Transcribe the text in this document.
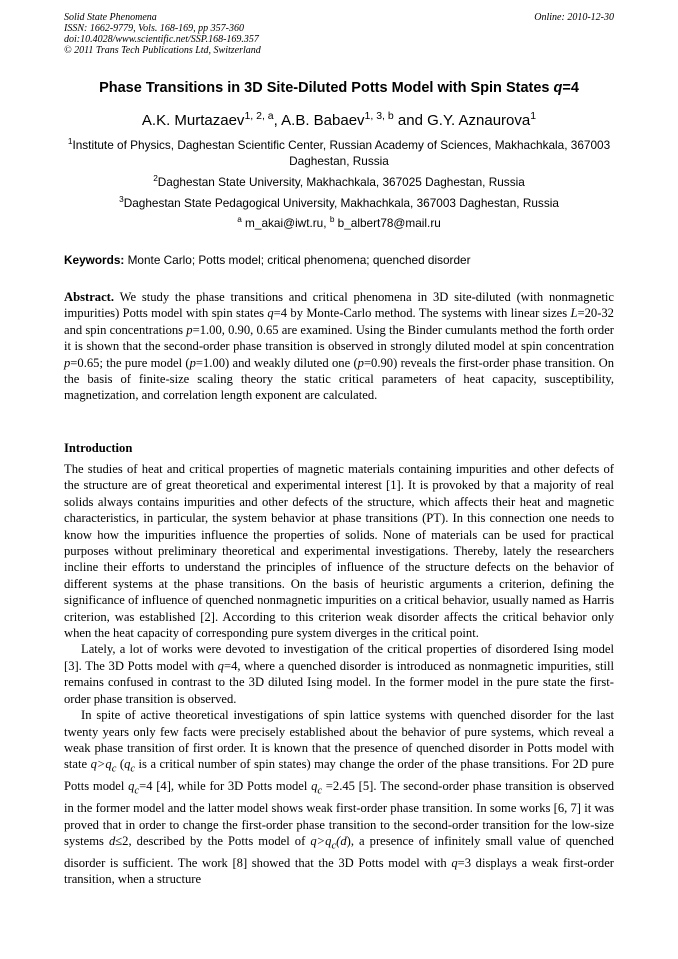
Solid State Phenomena
ISSN: 1662-9779, Vols. 168-169, pp 357-360
doi:10.4028/www.scientific.net/SSP.168-169.357
© 2011 Trans Tech Publications Ltd, Switzerland
Online: 2010-12-30
Phase Transitions in 3D Site-Diluted Potts Model with Spin States q=4
A.K. Murtazaev$^{1, 2, a}$, A.B. Babaev$^{1, 3, b}$ and G.Y. Aznaurova$^1$
$^1$Institute of Physics, Daghestan Scientific Center, Russian Academy of Sciences, Makhachkala, 367003 Daghestan, Russia
$^2$Daghestan State University, Makhachkala, 367025 Daghestan, Russia
$^3$Daghestan State Pedagogical University, Makhachkala, 367003 Daghestan, Russia
$^a$ m_akai@iwt.ru, $^b$ b_albert78@mail.ru
Keywords: Monte Carlo; Potts model; critical phenomena; quenched disorder
Abstract. We study the phase transitions and critical phenomena in 3D site-diluted (with nonmagnetic impurities) Potts model with spin states q=4 by Monte-Carlo method. The systems with linear sizes L=20-32 and spin concentrations p=1.00, 0.90, 0.65 are examined. Using the Binder cumulants method the forth order it is shown that the second-order phase transition is observed in strongly diluted model at spin concentration p=0.65; the pure model (p=1.00) and weakly diluted one (p=0.90) reveals the first-order phase transition. On the basis of finite-size scaling theory the static critical parameters of heat capacity, susceptibility, magnetization, and correlation length exponent are calculated.
Introduction

The studies of heat and critical properties of magnetic materials containing impurities and other defects of the structure are of great theoretical and experimental interest [1]. It is provoked by that a majority of real solids always contains impurities and other defects of the structure, which affects their heat and magnetic characteristics, in particular, the system behavior at phase transitions (PT). In this connection one needs to know how the impurities influence the properties of solids. None of materials can be used for practical purposes without preliminary theoretical and experimental investigations. Thereby, lately the researchers incline their efforts to understand the principles of influence of the structure defects on the behavior of different systems at the phase transitions. On the basis of heuristic arguments a criterion, defining the significance of influence of quenched nonmagnetic impurities on a critical behavior, usually named as Harris criterion, was established [2]. According to this criterion weak disorder affects the critical behavior only when the heat capacity of corresponding pure system diverges in the critical point.

Lately, a lot of works were devoted to investigation of the critical properties of disordered Ising model [3]. The 3D Potts model with q=4, where a quenched disorder is introduced as nonmagnetic impurities, still remains confused in contrast to the 3D diluted Ising model. In the former model in the pure state the first-order phase transition is observed.

In spite of active theoretical investigations of spin lattice systems with quenched disorder for the last twenty years only few facts were precisely established about the behavior of pure systems, which reveal a weak phase transition of first order. It is known that the presence of quenched disorder in Potts model with state $q>q_c$ ($q_c$ is a critical number of spin states) may change the order of the phase transitions. For 2D pure Potts model $q_c=4$ [4], while for 3D Potts model $q_c =2.45$ [5]. The second-order phase transition is observed in the former model and the latter model shows weak first-order phase transition. In some works [6, 7] it was proved that in order to change the first-order phase transition to the second-order transition for the low-size systems d≤2, described by the Potts model of $q>q_c(d)$, a presence of infinitely small value of quenched disorder is sufficient. The work [8] showed that the 3D Potts model with q=3 displays a weak first-order transition, when a structure
